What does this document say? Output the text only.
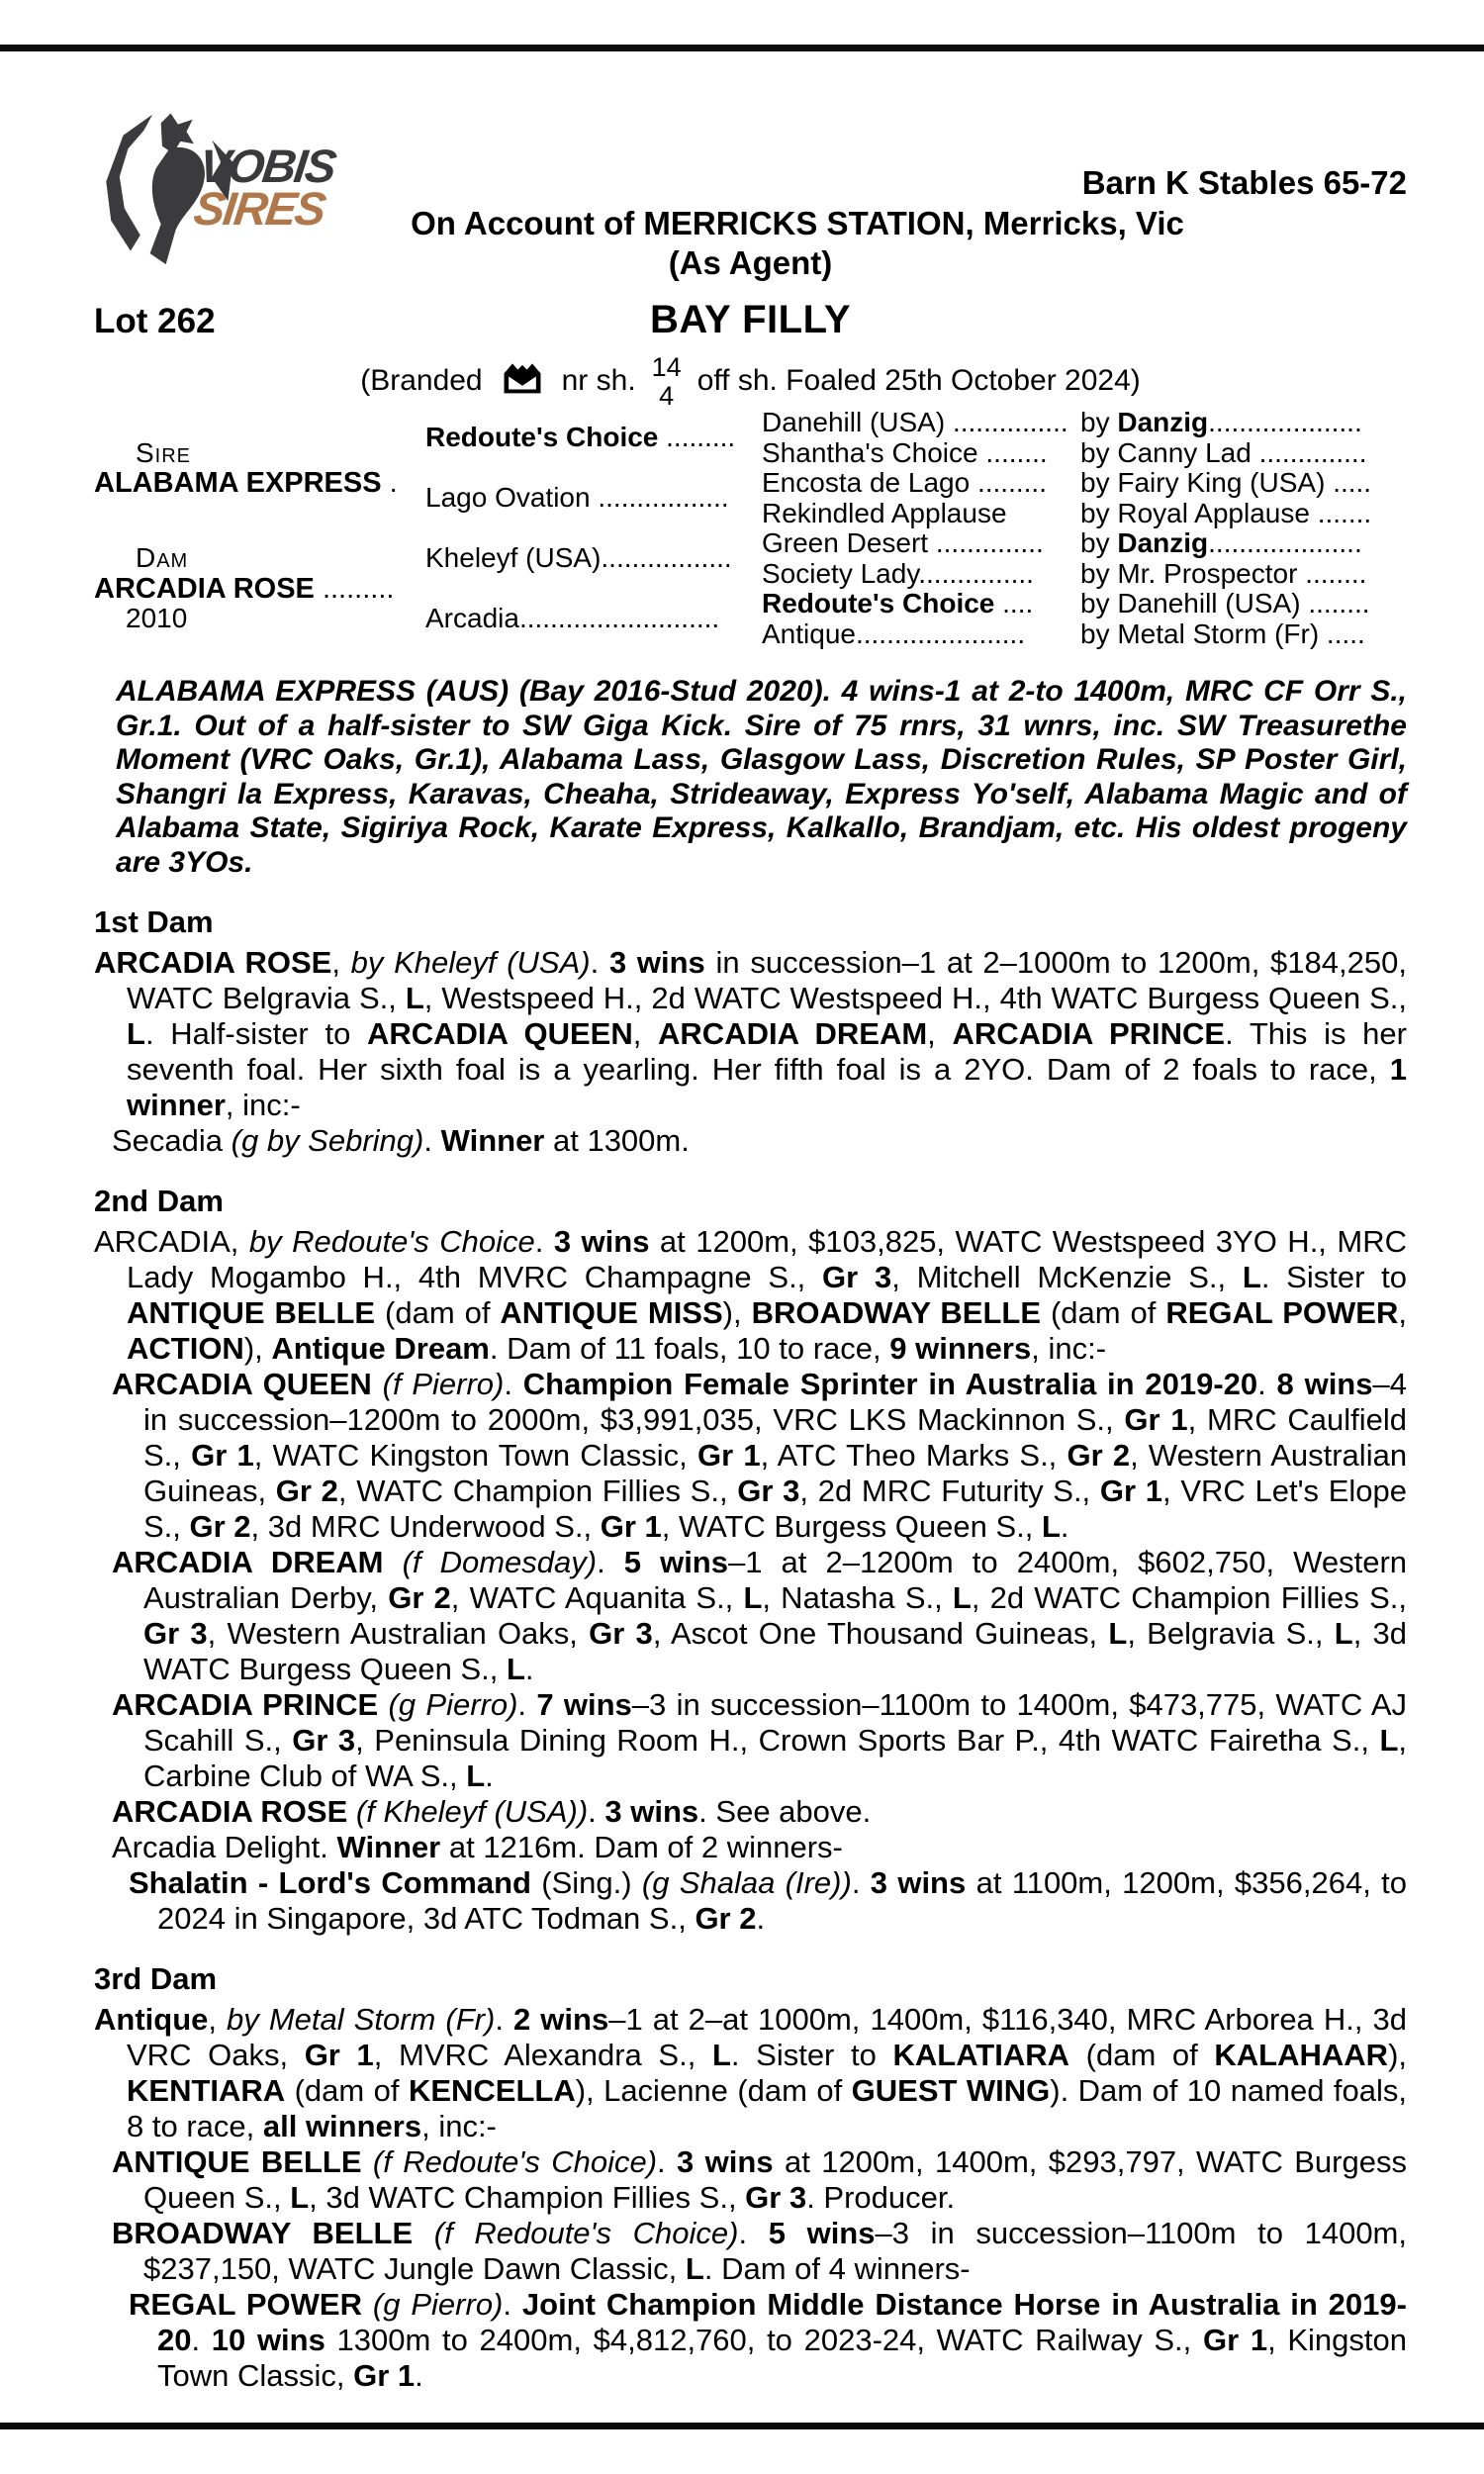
VOBIS
SIRES	Barn K Stables 65-72
On Account of MERRICKS STATION, Merricks, Vic
(As Agent)
Lot 262	BAY FILLY
(Branded	nr sh. 14
4 off sh. Foaled 25th October 2024)
Sire
ALABAMA EXPRESS .
Dam
ARCADIA ROSE .........
2010
Redoute's Choice .........
Lago Ovation .................
Kheleyf (USA).................
Arcadia..........................
Danehill (USA) ............... by Danzig....................
Shantha's Choice ........	by Canny Lad ..............
Encosta de Lago .........	by Fairy King (USA) .....
Rekindled Applause	by Royal Applause .......
Green Desert ..............	by Danzig....................
Society Lady...............	by Mr. Prospector ........
Redoute's Choice ....	by Danehill (USA) ........
Antique......................	by Metal Storm (Fr) .....
ALABAMA EXPRESS (AUS) (Bay 2016-Stud 2020). 4 wins-1 at 2-to 1400m, MRC CF Orr S., Gr.1. Out of a half-sister to SW Giga Kick. Sire of 75 rnrs, 31 wnrs, inc. SW Treasurethe Moment (VRC Oaks, Gr.1), Alabama Lass, Glasgow Lass, Discretion Rules, SP Poster Girl, Shangri la Express, Karavas, Cheaha, Strideaway, Express Yo'self, Alabama Magic and of Alabama State, Sigiriya Rock, Karate Express, Kalkallo, Brandjam, etc. His oldest progeny are 3YOs.
1st Dam

ARCADIA ROSE, by Kheleyf (USA). 3 wins in succession–1 at 2–1000m to 1200m, $184,250, WATC Belgravia S., L, Westspeed H., 2d WATC Westspeed H., 4th WATC Burgess Queen S., L. Half-sister to ARCADIA QUEEN, ARCADIA DREAM, ARCADIA PRINCE. This is her seventh foal. Her sixth foal is a yearling. Her fifth foal is a 2YO. Dam of 2 foals to race, 1 winner, inc:-

Secadia (g by Sebring). Winner at 1300m.

2nd Dam

ARCADIA, by Redoute's Choice. 3 wins at 1200m, $103,825, WATC Westspeed 3YO H., MRC Lady Mogambo H., 4th MVRC Champagne S., Gr 3, Mitchell McKenzie S., L. Sister to ANTIQUE BELLE (dam of ANTIQUE MISS), BROADWAY BELLE (dam of REGAL POWER, ACTION), Antique Dream. Dam of 11 foals, 10 to race, 9 winners, inc:-

ARCADIA QUEEN (f Pierro). Champion Female Sprinter in Australia in 2019-20. 8 wins–4 in succession–1200m to 2000m, $3,991,035, VRC LKS Mackinnon S., Gr 1, MRC Caulfield S., Gr 1, WATC Kingston Town Classic, Gr 1, ATC Theo Marks S., Gr 2, Western Australian Guineas, Gr 2, WATC Champion Fillies S., Gr 3, 2d MRC Futurity S., Gr 1, VRC Let's Elope S., Gr 2, 3d MRC Underwood S., Gr 1, WATC Burgess Queen S., L.

ARCADIA DREAM (f Domesday). 5 wins–1 at 2–1200m to 2400m, $602,750, Western Australian Derby, Gr 2, WATC Aquanita S., L, Natasha S., L, 2d WATC Champion Fillies S., Gr 3, Western Australian Oaks, Gr 3, Ascot One Thousand Guineas, L, Belgravia S., L, 3d WATC Burgess Queen S., L.

ARCADIA PRINCE (g Pierro). 7 wins–3 in succession–1100m to 1400m, $473,775, WATC AJ Scahill S., Gr 3, Peninsula Dining Room H., Crown Sports Bar P., 4th WATC Fairetha S., L, Carbine Club of WA S., L.

ARCADIA ROSE (f Kheleyf (USA)). 3 wins. See above.

Arcadia Delight. Winner at 1216m. Dam of 2 winners-

Shalatin - Lord's Command (Sing.) (g Shalaa (Ire)). 3 wins at 1100m, 1200m, $356,264, to 2024 in Singapore, 3d ATC Todman S., Gr 2.

3rd Dam

Antique, by Metal Storm (Fr). 2 wins–1 at 2–at 1000m, 1400m, $116,340, MRC Arborea H., 3d VRC Oaks, Gr 1, MVRC Alexandra S., L. Sister to KALATIARA (dam of KALAHAAR), KENTIARA (dam of KENCELLA), Lacienne (dam of GUEST WING). Dam of 10 named foals, 8 to race, all winners, inc:-

ANTIQUE BELLE (f Redoute's Choice). 3 wins at 1200m, 1400m, $293,797, WATC Burgess Queen S., L, 3d WATC Champion Fillies S., Gr 3. Producer.

BROADWAY BELLE (f Redoute's Choice). 5 wins–3 in succession–1100m to 1400m, $237,150, WATC Jungle Dawn Classic, L. Dam of 4 winners-

REGAL POWER (g Pierro). Joint Champion Middle Distance Horse in Australia in 2019-20. 10 wins 1300m to 2400m, $4,812,760, to 2023-24, WATC Railway S., Gr 1, Kingston Town Classic, Gr 1.
